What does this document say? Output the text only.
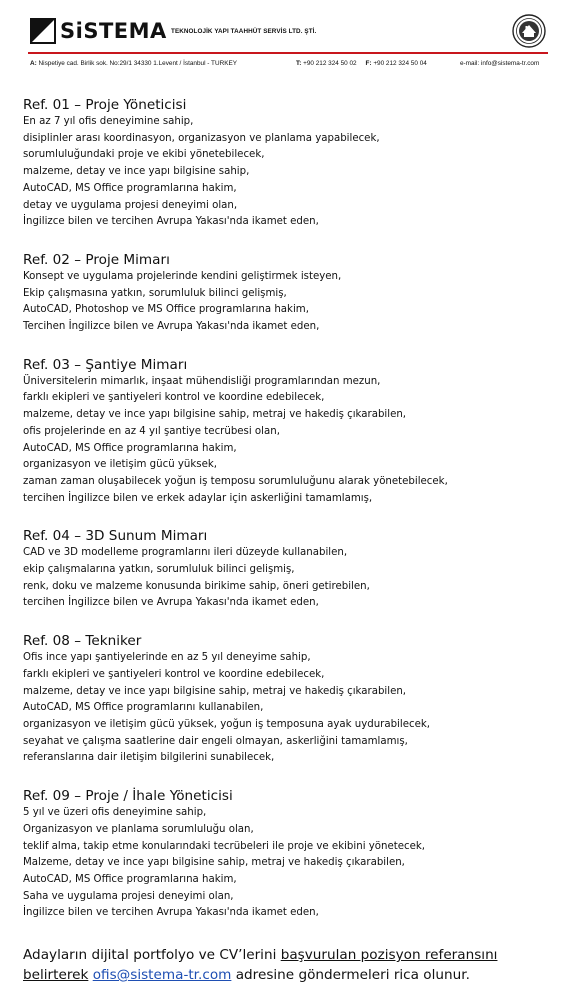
SiSTEMA TEKNOLOJİK YAPI TAAHHÜT SERVİS LTD. ŞTİ.
A: Nispetiye cad. Birlik sok. No:29/1 34330 1.Levent / İstanbul - TURKEY	T: +90 212 324 50 02 F: +90 212 324 50 04	e-mail: info@sistema-tr.com
Ref. 01 – Proje Yöneticisi
En az 7 yıl ofis deneyimine sahip,
disiplinler arası koordinasyon, organizasyon ve planlama yapabilecek,
sorumluluğundaki proje ve ekibi yönetebilecek,
malzeme, detay ve ince yapı bilgisine sahip,
AutoCAD, MS Office programlarına hakim,
detay ve uygulama projesi deneyimi olan,
İngilizce bilen ve tercihen Avrupa Yakası'nda ikamet eden,
Ref. 02 – Proje Mimarı
Konsept ve uygulama projelerinde kendini geliştirmek isteyen,
Ekip çalışmasına yatkın, sorumluluk bilinci gelişmiş,
AutoCAD, Photoshop ve MS Office programlarına hakim,
Tercihen İngilizce bilen ve Avrupa Yakası'nda ikamet eden,
Ref. 03 – Şantiye Mimarı
Üniversitelerin mimarlık, inşaat mühendisliği programlarından mezun,
farklı ekipleri ve şantiyeleri kontrol ve koordine edebilecek,
malzeme, detay ve ince yapı bilgisine sahip, metraj ve hakediş çıkarabilen,
ofis projelerinde en az 4 yıl şantiye tecrübesi olan,
AutoCAD, MS Office programlarına hakim,
organizasyon ve iletişim gücü yüksek,
zaman zaman oluşabilecek yoğun iş temposu sorumluluğunu alarak yönetebilecek,
tercihen İngilizce bilen ve erkek adaylar için askerliğini tamamlamış,
Ref. 04 – 3D Sunum Mimarı
CAD ve 3D modelleme programlarını ileri düzeyde kullanabilen,
ekip çalışmalarına yatkın, sorumluluk bilinci gelişmiş,
renk, doku ve malzeme konusunda birikime sahip, öneri getirebilen,
tercihen İngilizce bilen ve Avrupa Yakası'nda ikamet eden,
Ref. 08 – Tekniker
Ofis ince yapı şantiyelerinde en az 5 yıl deneyime sahip,
farklı ekipleri ve şantiyeleri kontrol ve koordine edebilecek,
malzeme, detay ve ince yapı bilgisine sahip, metraj ve hakediş çıkarabilen,
AutoCAD, MS Office programlarını kullanabilen,
organizasyon ve iletişim gücü yüksek, yoğun iş temposuna ayak uydurabilecek,
seyahat ve çalışma saatlerine dair engeli olmayan, askerliğini tamamlamış,
referanslarına dair iletişim bilgilerini sunabilecek,
Ref. 09 – Proje / İhale Yöneticisi
5 yıl ve üzeri ofis deneyimine sahip,
Organizasyon ve planlama sorumluluğu olan,
teklif alma, takip etme konularındaki tecrübeleri ile proje ve ekibini yönetecek,
Malzeme, detay ve ince yapı bilgisine sahip, metraj ve hakediş çıkarabilen,
AutoCAD, MS Office programlarına hakim,
Saha ve uygulama projesi deneyimi olan,
İngilizce bilen ve tercihen Avrupa Yakası'nda ikamet eden,
Adayların dijital portfolyo ve CV’lerini başvurulan pozisyon referansını
belirterek ofis@sistema-tr.com adresine göndermeleri rica olunur.
